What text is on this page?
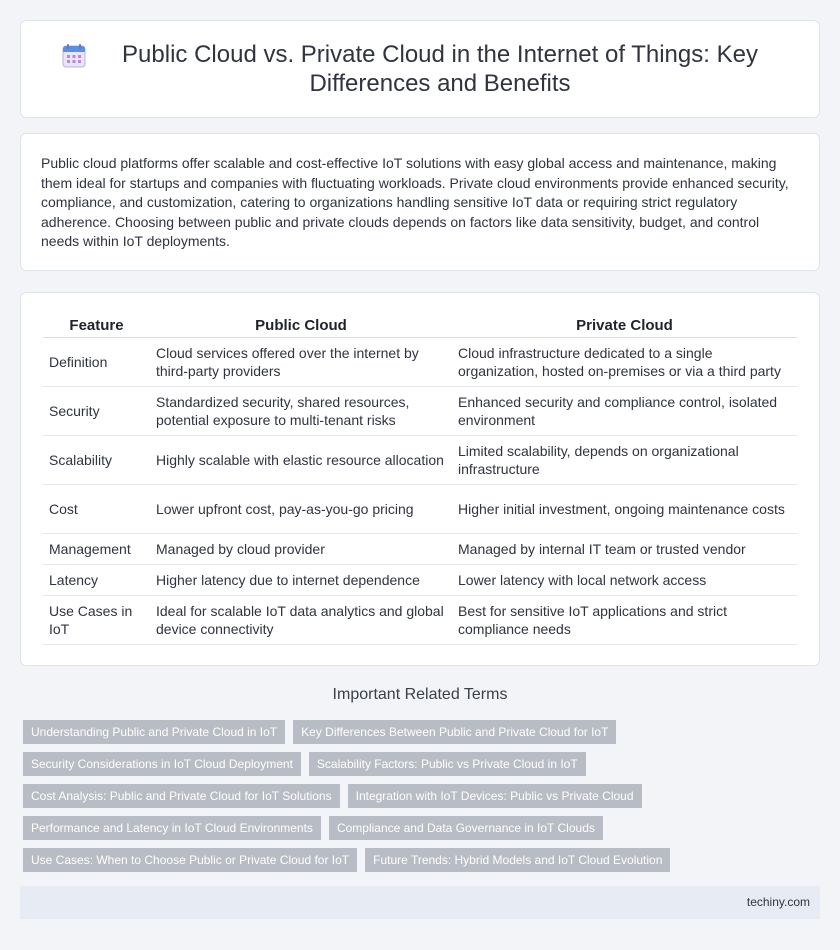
Public Cloud vs. Private Cloud in the Internet of Things: Key Differences and Benefits

Public cloud platforms offer scalable and cost-effective IoT solutions with easy global access and maintenance, making them ideal for startups and companies with fluctuating workloads. Private cloud environments provide enhanced security, compliance, and customization, catering to organizations handling sensitive IoT data or requiring strict regulatory adherence. Choosing between public and private clouds depends on factors like data sensitivity, budget, and control needs within IoT deployments.

Feature	Public Cloud	Private Cloud
Definition	Cloud services offered over the internet by third-party providers	Cloud infrastructure dedicated to a single organization, hosted on-premises or via a third party
Security	Standardized security, shared resources, potential exposure to multi-tenant risks	Enhanced security and compliance control, isolated environment
Scalability	Highly scalable with elastic resource allocation	Limited scalability, depends on organizational infrastructure
Cost	Lower upfront cost, pay-as-you-go pricing	Higher initial investment, ongoing maintenance costs
Management	Managed by cloud provider	Managed by internal IT team or trusted vendor
Latency	Higher latency due to internet dependence	Lower latency with local network access
Use Cases in IoT	Ideal for scalable IoT data analytics and global device connectivity	Best for sensitive IoT applications and strict compliance needs
Important Related Terms
Understanding Public and Private Cloud in IoT	Key Differences Between Public and Private Cloud for IoT
Security Considerations in IoT Cloud Deployment	Scalability Factors: Public vs Private Cloud in IoT
Cost Analysis: Public and Private Cloud for IoT Solutions	Integration with IoT Devices: Public vs Private Cloud
Performance and Latency in IoT Cloud Environments	Compliance and Data Governance in IoT Clouds
Use Cases: When to Choose Public or Private Cloud for IoT	Future Trends: Hybrid Models and IoT Cloud Evolution
techiny.com
